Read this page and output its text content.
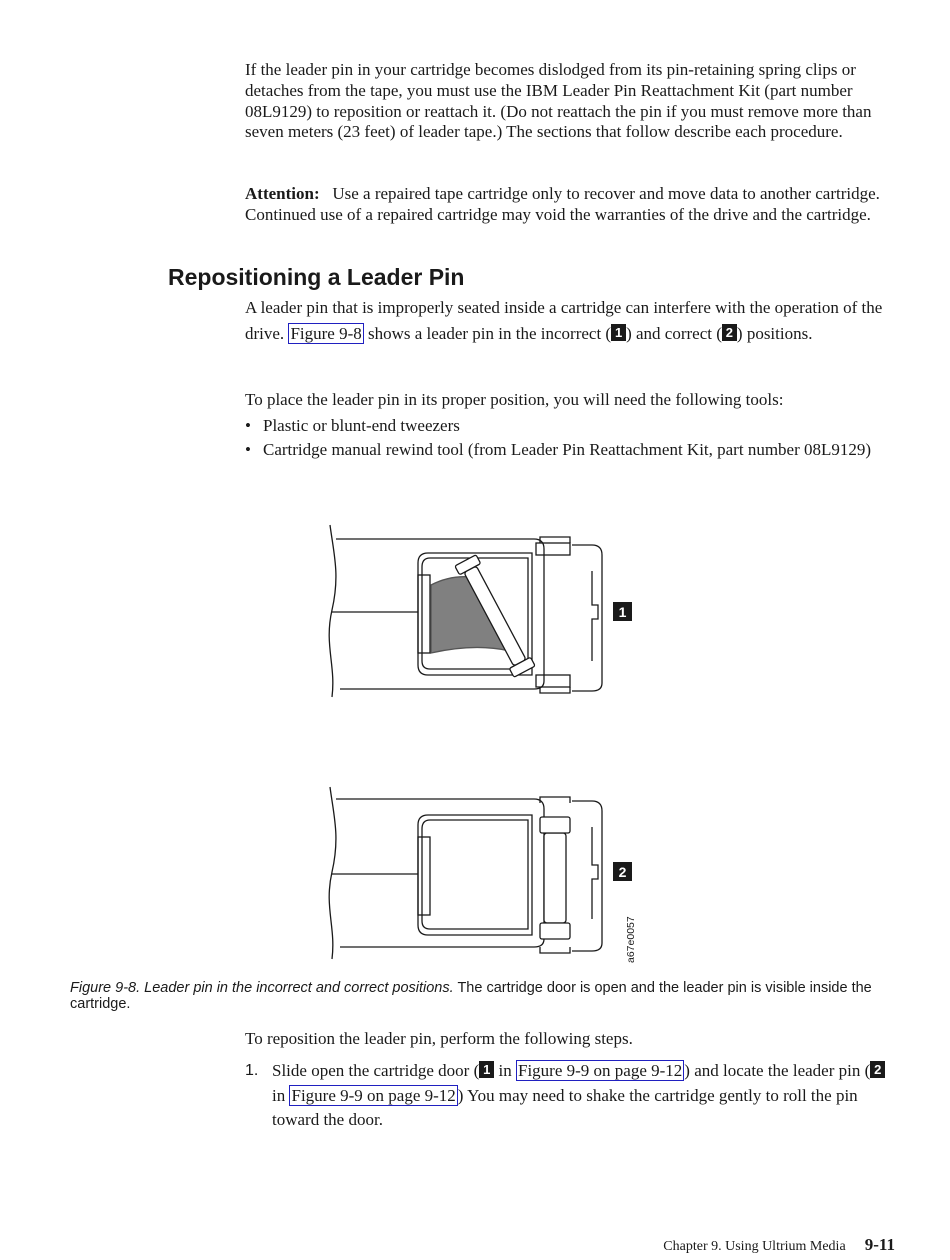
If the leader pin in your cartridge becomes dislodged from its pin-retaining spring clips or detaches from the tape, you must use the IBM Leader Pin Reattachment Kit (part number 08L9129) to reposition or reattach it. (Do not reattach the pin if you must remove more than seven meters (23 feet) of leader tape.) The sections that follow describe each procedure.
Attention: Use a repaired tape cartridge only to recover and move data to another cartridge. Continued use of a repaired cartridge may void the warranties of the drive and the cartridge.
Repositioning a Leader Pin
A leader pin that is improperly seated inside a cartridge can interfere with the operation of the drive. Figure 9-8 shows a leader pin in the incorrect ( 1 ) and correct ( 2 ) positions.
To place the leader pin in its proper position, you will need the following tools:
• Plastic or blunt-end tweezers
• Cartridge manual rewind tool (from Leader Pin Reattachment Kit, part number 08L9129)
1
2
a67e0057
Figure 9-8. Leader pin in the incorrect and correct positions. The cartridge door is open and the leader pin is visible inside the cartridge.
To reposition the leader pin, perform the following steps.
1. Slide open the cartridge door ( 1 in Figure 9-9 on page 9-12 ) and locate the leader pin ( 2 in Figure 9-9 on page 9-12 ) You may need to shake the cartridge gently to roll the pin toward the door.
Chapter 9. Using Ultrium Media 9-11
